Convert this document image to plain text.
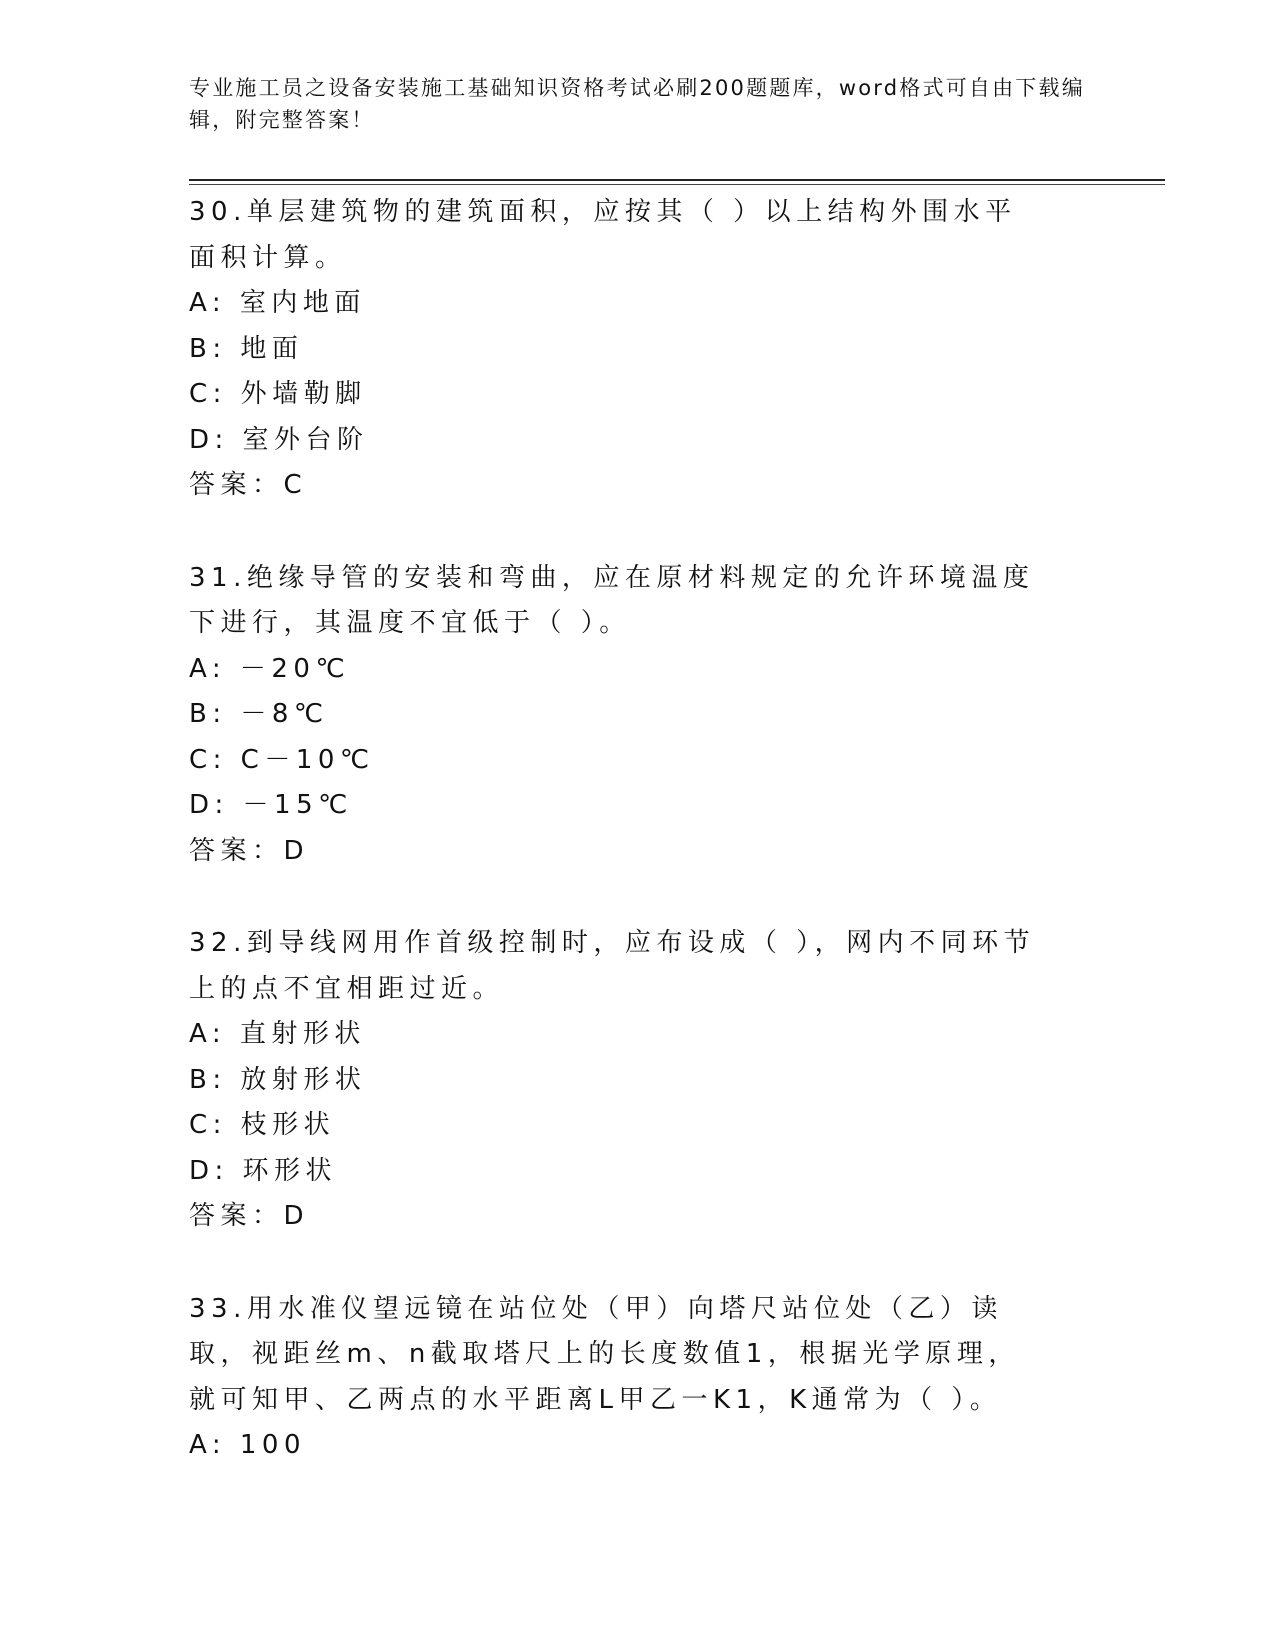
专业施工员之设备安装施工基础知识资格考试必刷200题题库，word格式可自由下载编辑，附完整答案！
30.单层建筑物的建筑面积，应按其（ ）以上结构外围水平面积计算。
A: 室内地面
B: 地面
C: 外墙勒脚
D: 室外台阶
答案：C
31.绝缘导管的安装和弯曲，应在原材料规定的允许环境温度下进行，其温度不宜低于（ ）。
A: －20℃
B: －8℃
C: C－10℃
D: －15℃
答案：D
32.到导线网用作首级控制时，应布设成（ ），网内不同环节上的点不宜相距过近。
A: 直射形状
B: 放射形状
C: 枝形状
D: 环形状
答案：D
33.用水准仪望远镜在站位处（甲）向塔尺站位处（乙）读取，视距丝m、n截取塔尺上的长度数值1，根据光学原理，就可知甲、乙两点的水平距离L甲乙一K1，K通常为（ ）。
A: 100
